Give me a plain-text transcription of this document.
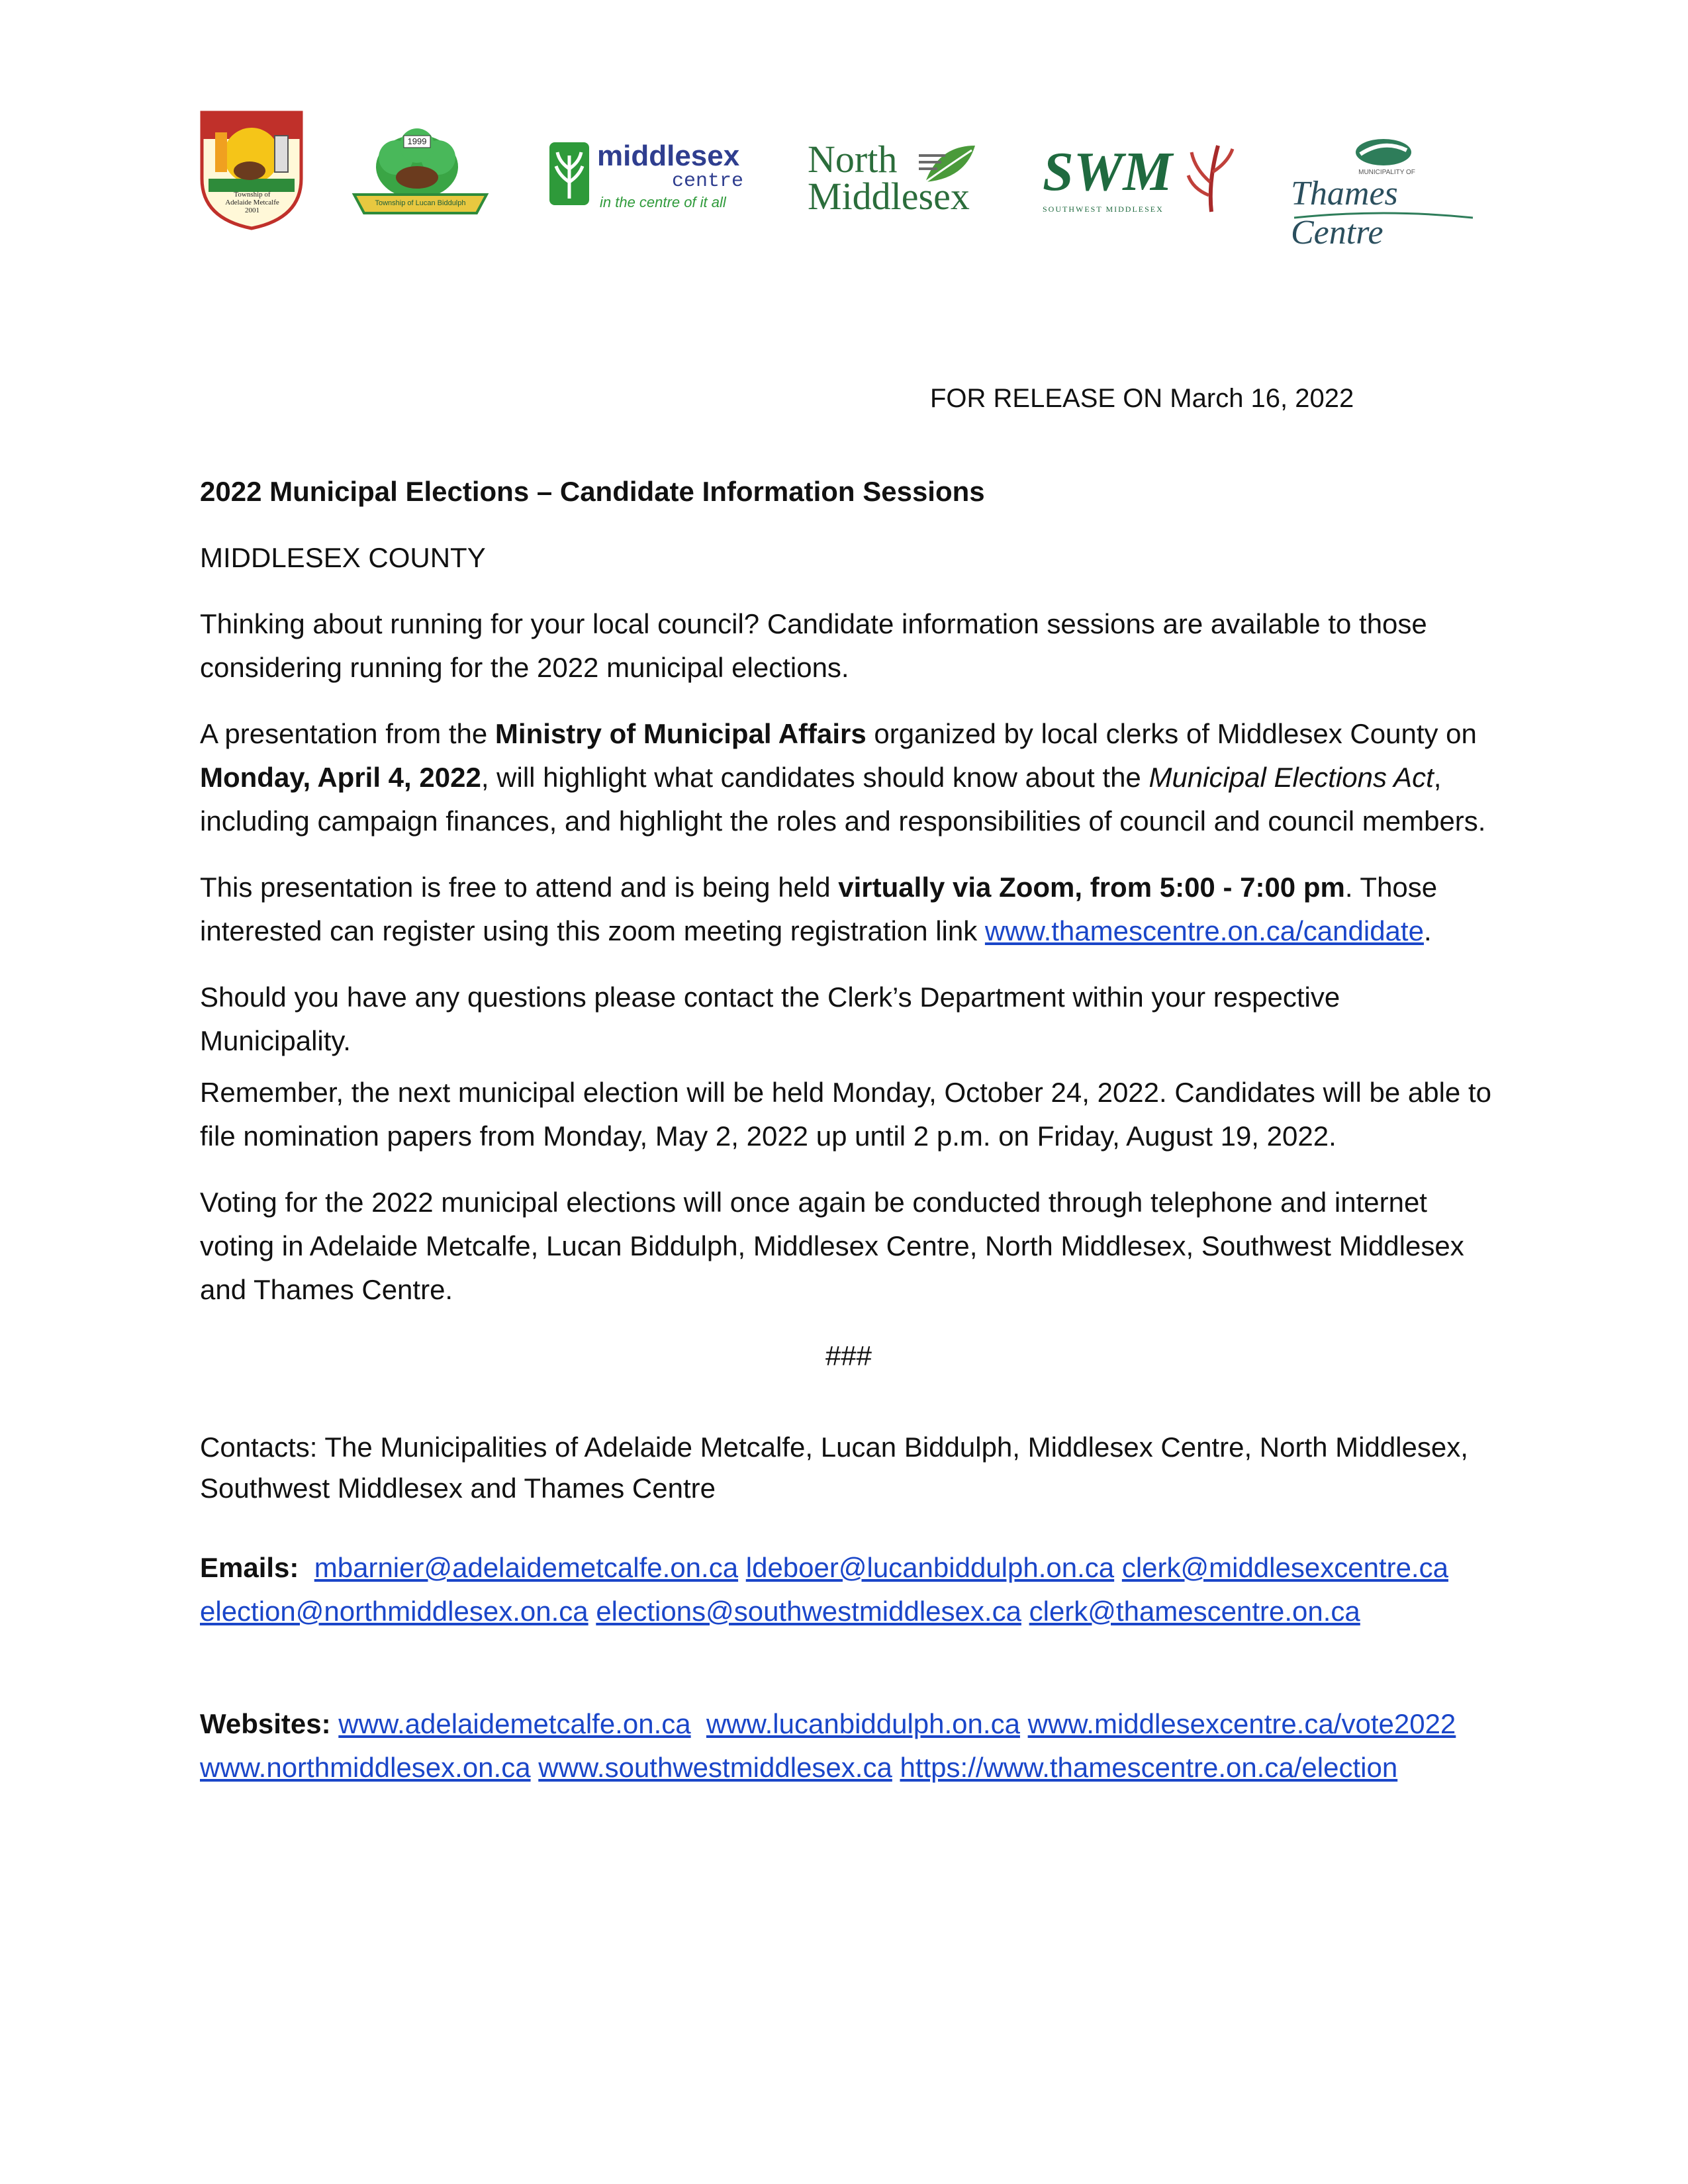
Township of
Adelaide Metcalfe
2001
1999
Township of Lucan Biddulph
middlesex
centre
in the centre of it all
North
Middlesex SWM
SOUTHWEST MIDDLESEX
MUNICIPALITY OF
Thames Centre
FOR RELEASE ON March 16, 2022

2022 Municipal Elections – Candidate Information Sessions

MIDDLESEX COUNTY

Thinking about running for your local council? Candidate information sessions are available to those considering running for the 2022 municipal elections.

A presentation from the Ministry of Municipal Affairs organized by local clerks of Middlesex County on Monday, April 4, 2022, will highlight what candidates should know about the Municipal Elections Act, including campaign finances, and highlight the roles and responsibilities of council and council members.

This presentation is free to attend and is being held virtually via Zoom, from 5:00 - 7:00 pm. Those interested can register using this zoom meeting registration link www.thamescentre.on.ca/candidate.

Should you have any questions please contact the Clerk’s Department within your respective Municipality.

Remember, the next municipal election will be held Monday, October 24, 2022. Candidates will be able to file nomination papers from Monday, May 2, 2022 up until 2 p.m. on Friday, August 19, 2022.

Voting for the 2022 municipal elections will once again be conducted through telephone and internet voting in Adelaide Metcalfe, Lucan Biddulph, Middlesex Centre, North Middlesex, Southwest Middlesex and Thames Centre.

###

Contacts: The Municipalities of Adelaide Metcalfe, Lucan Biddulph, Middlesex Centre, North Middlesex, Southwest Middlesex and Thames Centre

Emails: mbarnier@adelaidemetcalfe.on.ca ldeboer@lucanbiddulph.on.ca clerk@middlesexcentre.ca election@northmiddlesex.on.ca elections@southwestmiddlesex.ca clerk@thamescentre.on.ca

Websites: www.adelaidemetcalfe.on.ca www.lucanbiddulph.on.ca www.middlesexcentre.ca/vote2022 www.northmiddlesex.on.ca www.southwestmiddlesex.ca https://www.thamescentre.on.ca/election
